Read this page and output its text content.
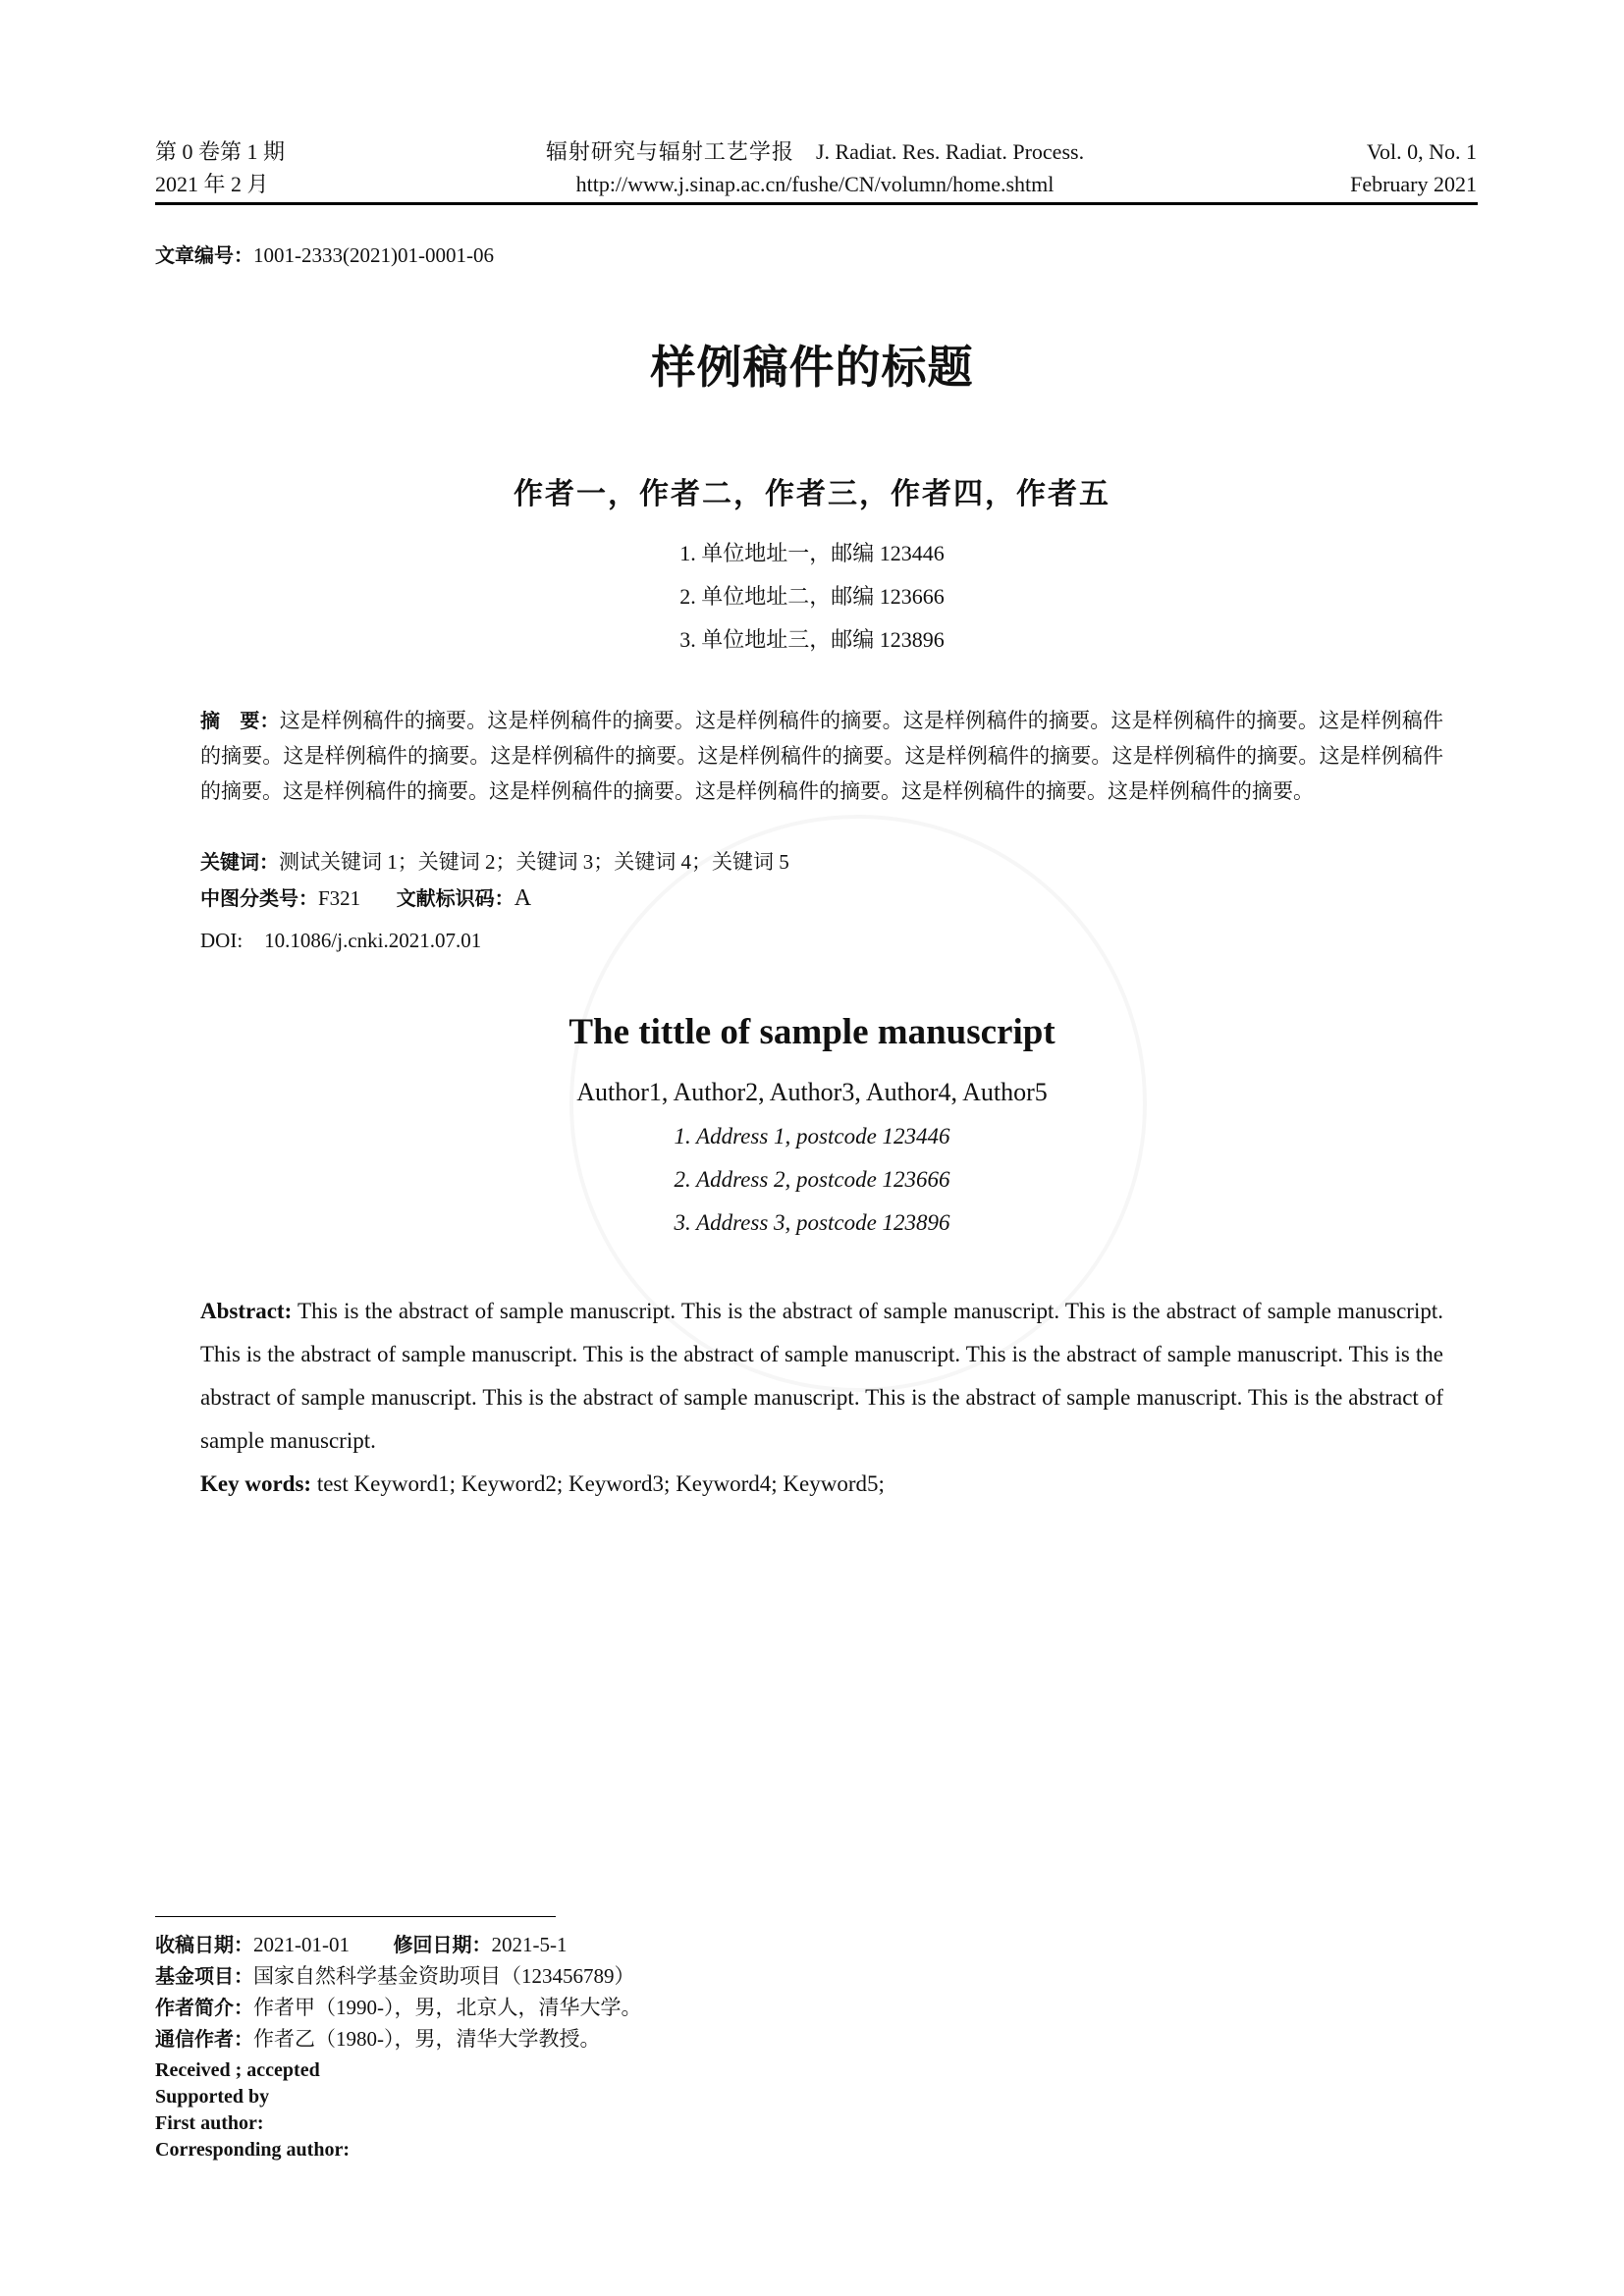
第 0 卷第 1 期
2021 年 2 月
辐射研究与辐射工艺学报 J. Radiat. Res. Radiat. Process.
http://www.j.sinap.ac.cn/fushe/CN/volumn/home.shtml
Vol. 0, No. 1
February 2021
文章编号：1001-2333(2021)01-0001-06
样例稿件的标题
作者一，作者二，作者三，作者四，作者五
1. 单位地址一，邮编 123446
2. 单位地址二，邮编 123666
3. 单位地址三，邮编 123896
摘　要：这是样例稿件的摘要。这是样例稿件的摘要。这是样例稿件的摘要。这是样例稿件的摘要。这是样例稿件的摘要。这是样例稿件的摘要。这是样例稿件的摘要。这是样例稿件的摘要。这是样例稿件的摘要。这是样例稿件的摘要。这是样例稿件的摘要。这是样例稿件的摘要。这是样例稿件的摘要。这是样例稿件的摘要。这是样例稿件的摘要。这是样例稿件的摘要。这是样例稿件的摘要。
关键词：测试关键词 1；关键词 2；关键词 3；关键词 4；关键词 5
中图分类号：F321 文献标识码：A
DOI: 10.1086/j.cnki.2021.07.01
The tittle of sample manuscript
Author1, Author2, Author3, Author4, Author5
1. Address 1, postcode 123446
2. Address 2, postcode 123666
3. Address 3, postcode 123896
Abstract: This is the abstract of sample manuscript. This is the abstract of sample manuscript. This is the abstract of sample manuscript. This is the abstract of sample manuscript. This is the abstract of sample manuscript. This is the abstract of sample manuscript. This is the abstract of sample manuscript. This is the abstract of sample manuscript. This is the abstract of sample manuscript. This is the abstract of sample manuscript.
Key words: test Keyword1; Keyword2; Keyword3; Keyword4; Keyword5;
收稿日期：2021-01-01 修回日期：2021-5-1
基金项目：国家自然科学基金资助项目（123456789）
作者简介：作者甲（1990-），男，北京人，清华大学。
通信作者：作者乙（1980-），男，清华大学教授。
Received ; accepted
Supported by
First author:
Corresponding author:
